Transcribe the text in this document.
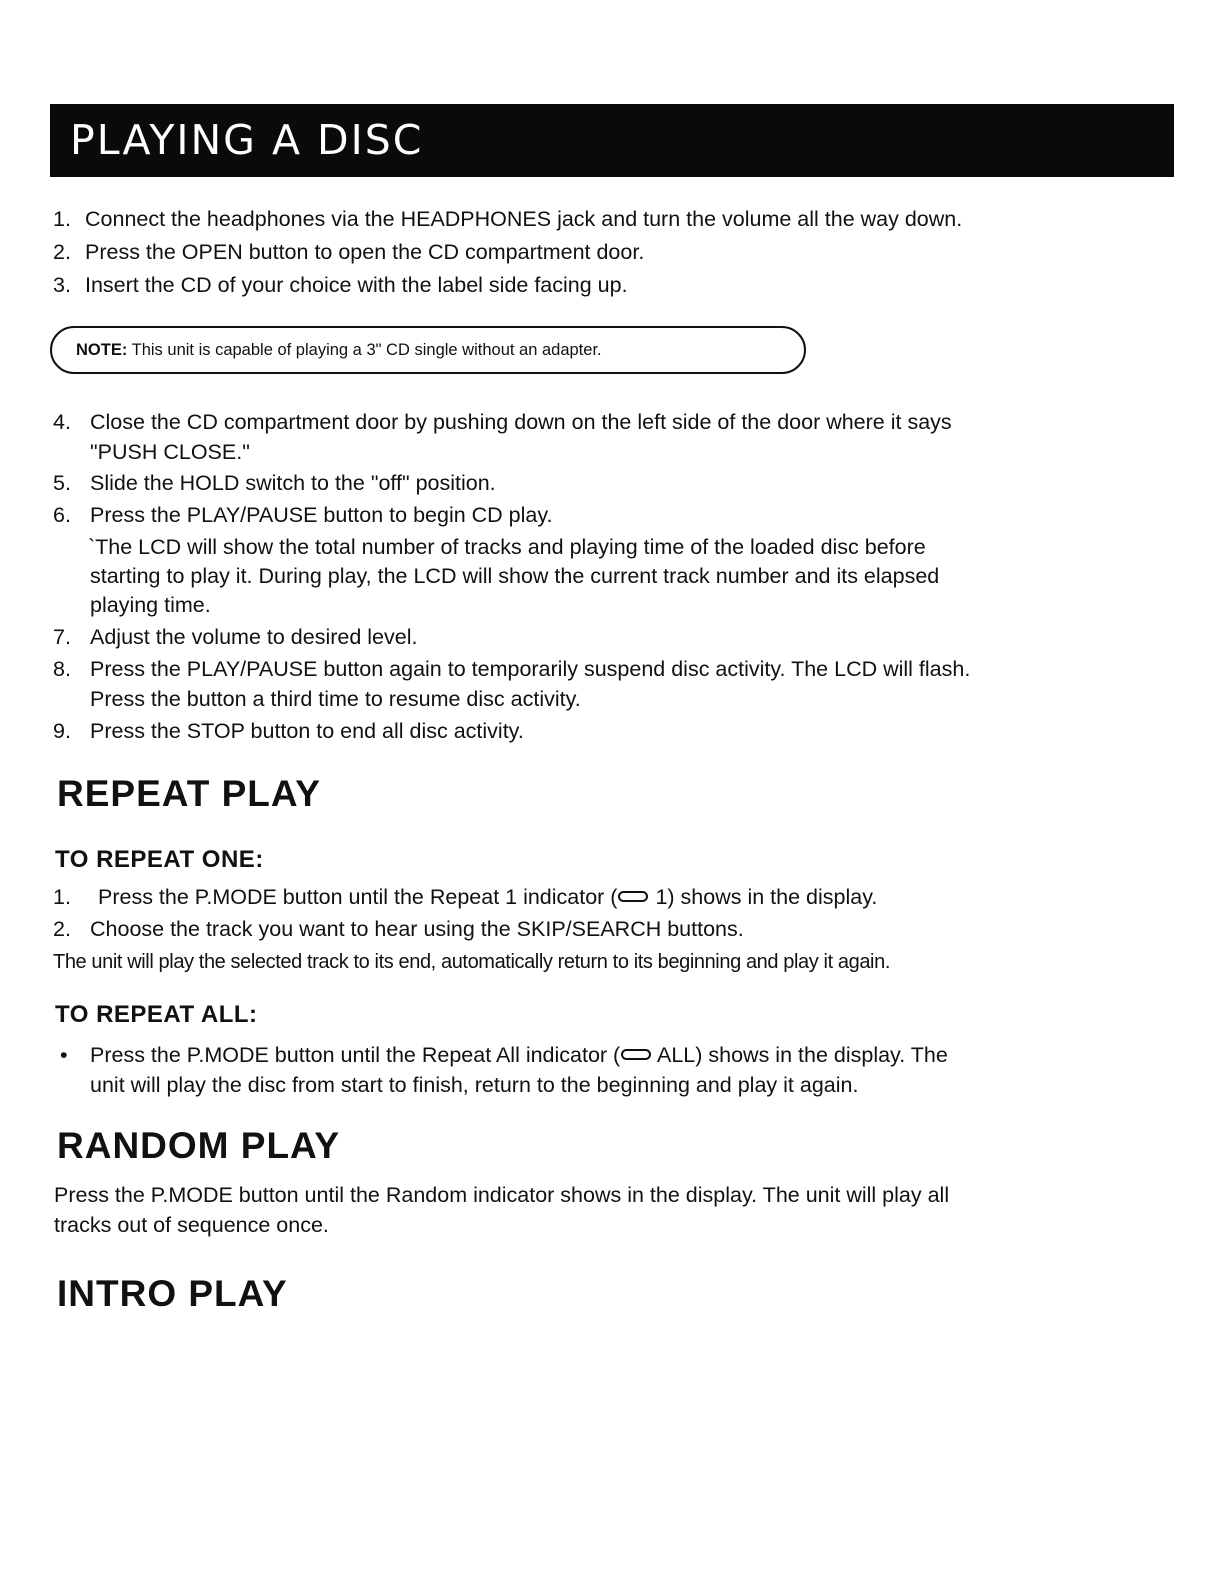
PLAYING A DISC
1. Connect the headphones via the HEADPHONES jack and turn the volume all the way down.
2. Press the OPEN button to open the CD compartment door.
3. Insert the CD of your choice with the label side facing up.
NOTE: This unit is capable of playing a 3" CD single without an adapter.
4. Close the CD compartment door by pushing down on the left side of the door where it says
"PUSH CLOSE."
5. Slide the HOLD switch to the "off" position.
6. Press the PLAY/PAUSE button to begin CD play.
`The LCD will show the total number of tracks and playing time of the loaded disc before
starting to play it. During play, the LCD will show the current track number and its elapsed
playing time.
7. Adjust the volume to desired level.
8. Press the PLAY/PAUSE button again to temporarily suspend disc activity. The LCD will flash.
Press the button a third time to resume disc activity.
9. Press the STOP button to end all disc activity.
REPEAT PLAY
TO REPEAT ONE:
1. Press the P.MODE button until the Repeat 1 indicator ( 1) shows in the display.
2. Choose the track you want to hear using the SKIP/SEARCH buttons.
The unit will play the selected track to its end, automatically return to its beginning and play it again.
TO REPEAT ALL:
• Press the P.MODE button until the Repeat All indicator ( ALL) shows in the display. The
unit will play the disc from start to finish, return to the beginning and play it again.
RANDOM PLAY
Press the P.MODE button until the Random indicator shows in the display. The unit will play all
tracks out of sequence once.
INTRO PLAY
